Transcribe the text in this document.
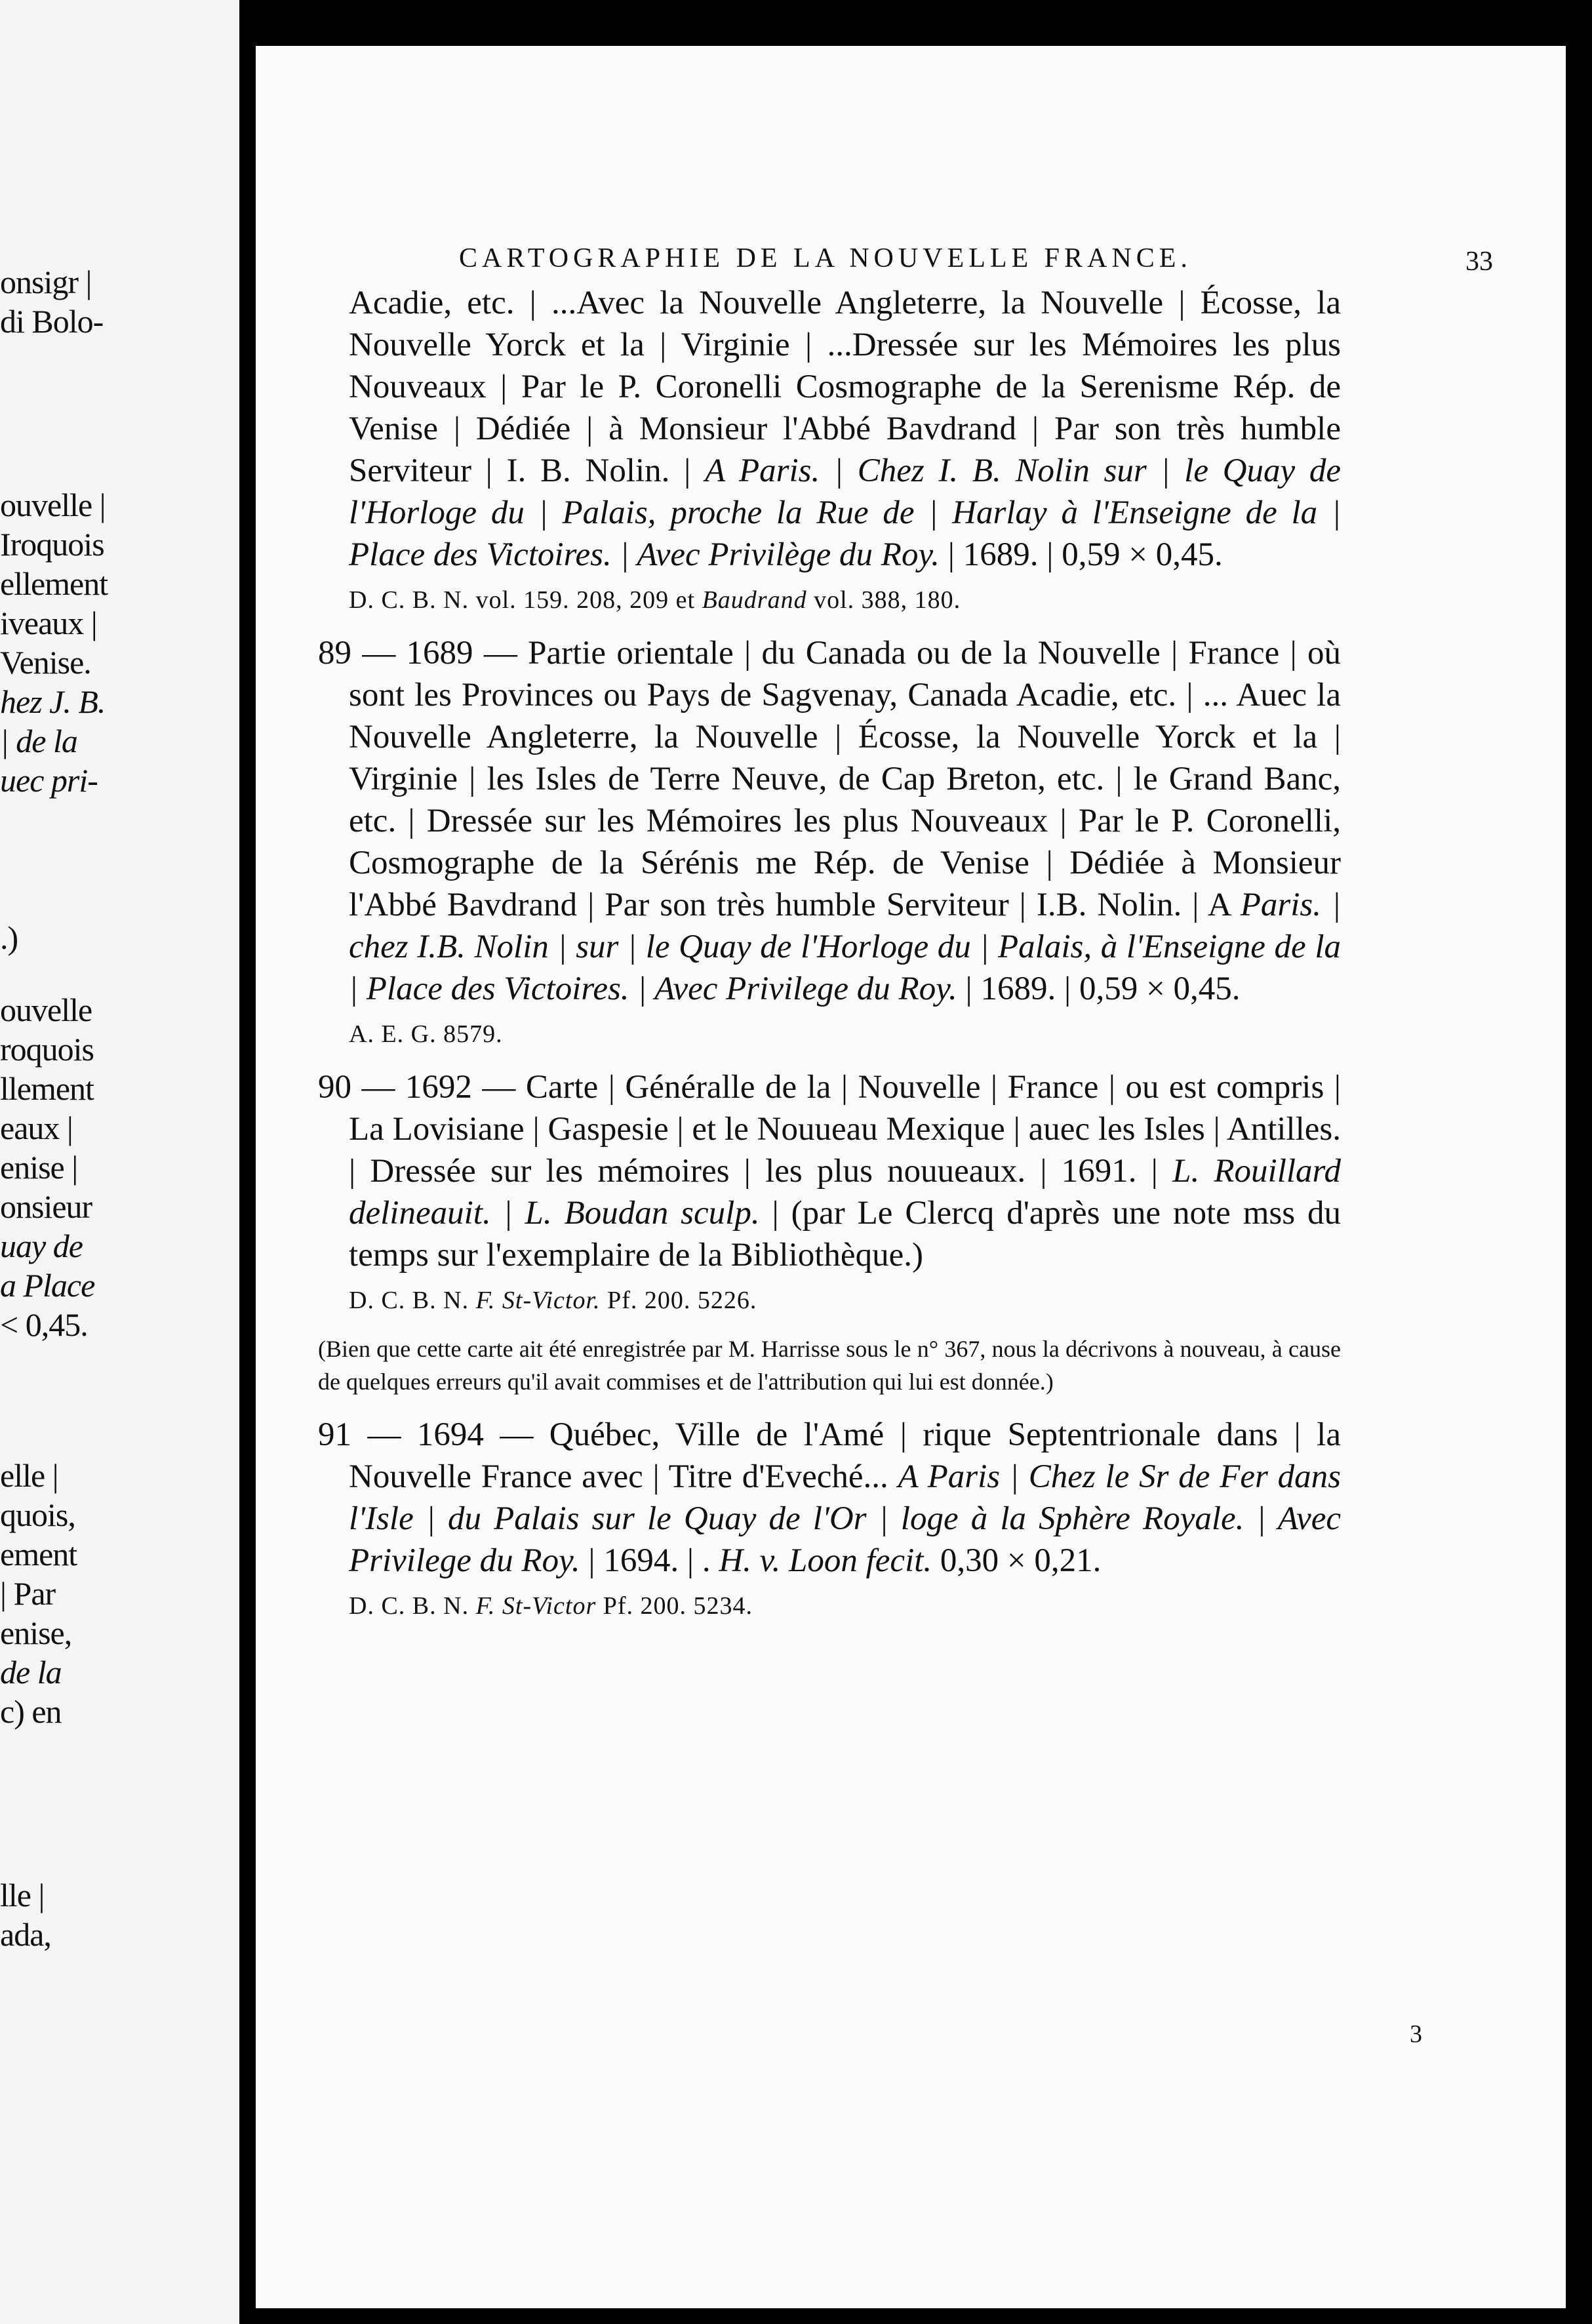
onsigr |
di Bolo-
ouvelle |
Iroquois
ellement
iveaux |
Venise.
hez J. B.
| de la
uec pri-
.)
ouvelle
roquois
llement
eaux |
enise |
onsieur
uay de
a Place
< 0,45.
elle |
quois,
ement
| Par
enise,
de la
c) en
lle |
ada,
CARTOGRAPHIE DE LA NOUVELLE FRANCE.	33

Acadie, etc. | ...Avec la Nouvelle Angleterre, la Nouvelle | Écosse, la Nouvelle Yorck et la | Virginie | ...Dressée sur les Mémoires les plus Nouveaux | Par le P. Coronelli Cosmographe de la Serenisme Rép. de Venise | Dédiée | à Monsieur l'Abbé Bavdrand | Par son très humble Serviteur | I. B. Nolin. | A Paris. | Chez I. B. Nolin sur | le Quay de l'Horloge du | Palais, proche la Rue de | Harlay à l'Enseigne de la | Place des Victoires. | Avec Privilège du Roy. | 1689. | 0,59 × 0,45.

D. C. B. N. vol. 159. 208, 209 et Baudrand vol. 388, 180.

89 — 1689 — Partie orientale | du Canada ou de la Nouvelle | France | où sont les Provinces ou Pays de Sagvenay, Canada Acadie, etc. | ... Auec la Nouvelle Angleterre, la Nouvelle | Écosse, la Nouvelle Yorck et la | Virginie | les Isles de Terre Neuve, de Cap Breton, etc. | le Grand Banc, etc. | Dressée sur les Mémoires les plus Nouveaux | Par le P. Coronelli, Cosmographe de la Sérénis me Rép. de Venise | Dédiée à Monsieur l'Abbé Bavdrand | Par son très humble Serviteur | I.B. Nolin. | A Paris. | chez I.B. Nolin | sur | le Quay de l'Horloge du | Palais, à l'Enseigne de la | Place des Victoires. | Avec Privilege du Roy. | 1689. | 0,59 × 0,45.

A. E. G. 8579.

90 — 1692 — Carte | Généralle de la | Nouvelle | France | ou est compris | La Lovisiane | Gaspesie | et le Nouueau Mexique | auec les Isles | Antilles. | Dressée sur les mémoires | les plus nouueaux. | 1691. | L. Rouillard delineauit. | L. Boudan sculp. | (par Le Clercq d'après une note mss du temps sur l'exemplaire de la Bibliothèque.)

D. C. B. N. F. St-Victor. Pf. 200. 5226.

(Bien que cette carte ait été enregistrée par M. Harrisse sous le n° 367, nous la décrivons à nouveau, à cause de quelques erreurs qu'il avait commises et de l'attribution qui lui est donnée.)

91 — 1694 — Québec, Ville de l'Amé | rique Septentrionale dans | la Nouvelle France avec | Titre d'Eveché... A Paris | Chez le Sr de Fer dans l'Isle | du Palais sur le Quay de l'Or | loge à la Sphère Royale. | Avec Privilege du Roy. | 1694. | . H. v. Loon fecit. 0,30 × 0,21.

D. C. B. N. F. St-Victor Pf. 200. 5234.

3
